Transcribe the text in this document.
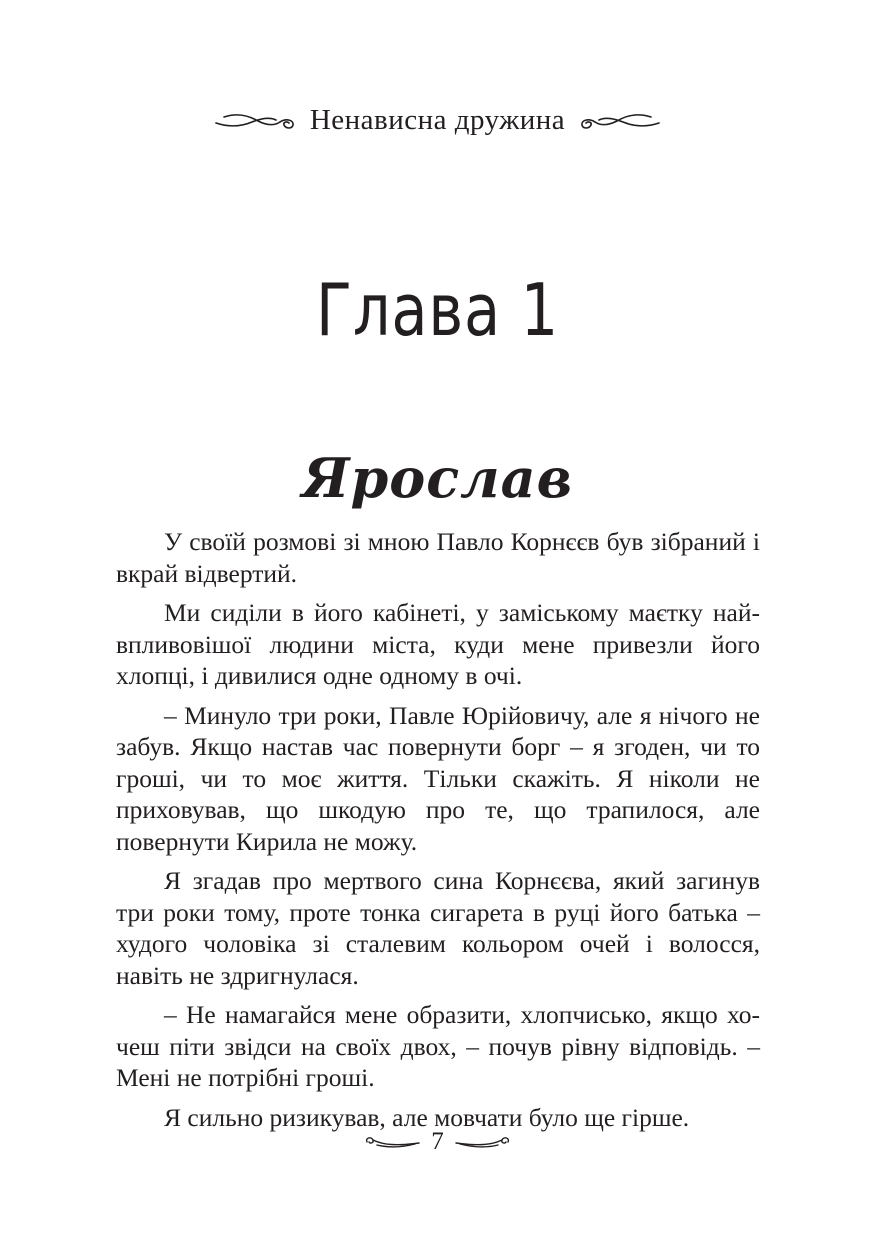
Ненависна дружина
Глава 1
Ярослав

У своїй розмові зі мною Павло Корнєєв був зібраний і вкрай відвертий.

Ми сиділи в його кабінеті, у заміському маєтку найвпливовішої людини міста, куди мене привезли його хлопці, і дивилися одне одному в очі.

– Минуло три роки, Павле Юрійовичу, але я нічого не забув. Якщо настав час повернути борг – я згоден, чи то гроші, чи то моє життя. Тільки скажіть. Я ніколи не приховував, що шкодую про те, що трапилося, але повернути Кирила не можу.

Я згадав про мертвого сина Корнєєва, який загинув три роки тому, проте тонка сигарета в руці його батька – худого чоловіка зі сталевим кольором очей і волосся, навіть не здригнулася.

– Не намагайся мене образити, хлопчисько, якщо хочеш піти звідси на своїх двох, – почув рівну відповідь. – Мені не потрібні гроші.

Я сильно ризикував, але мовчати було ще гірше.

7
